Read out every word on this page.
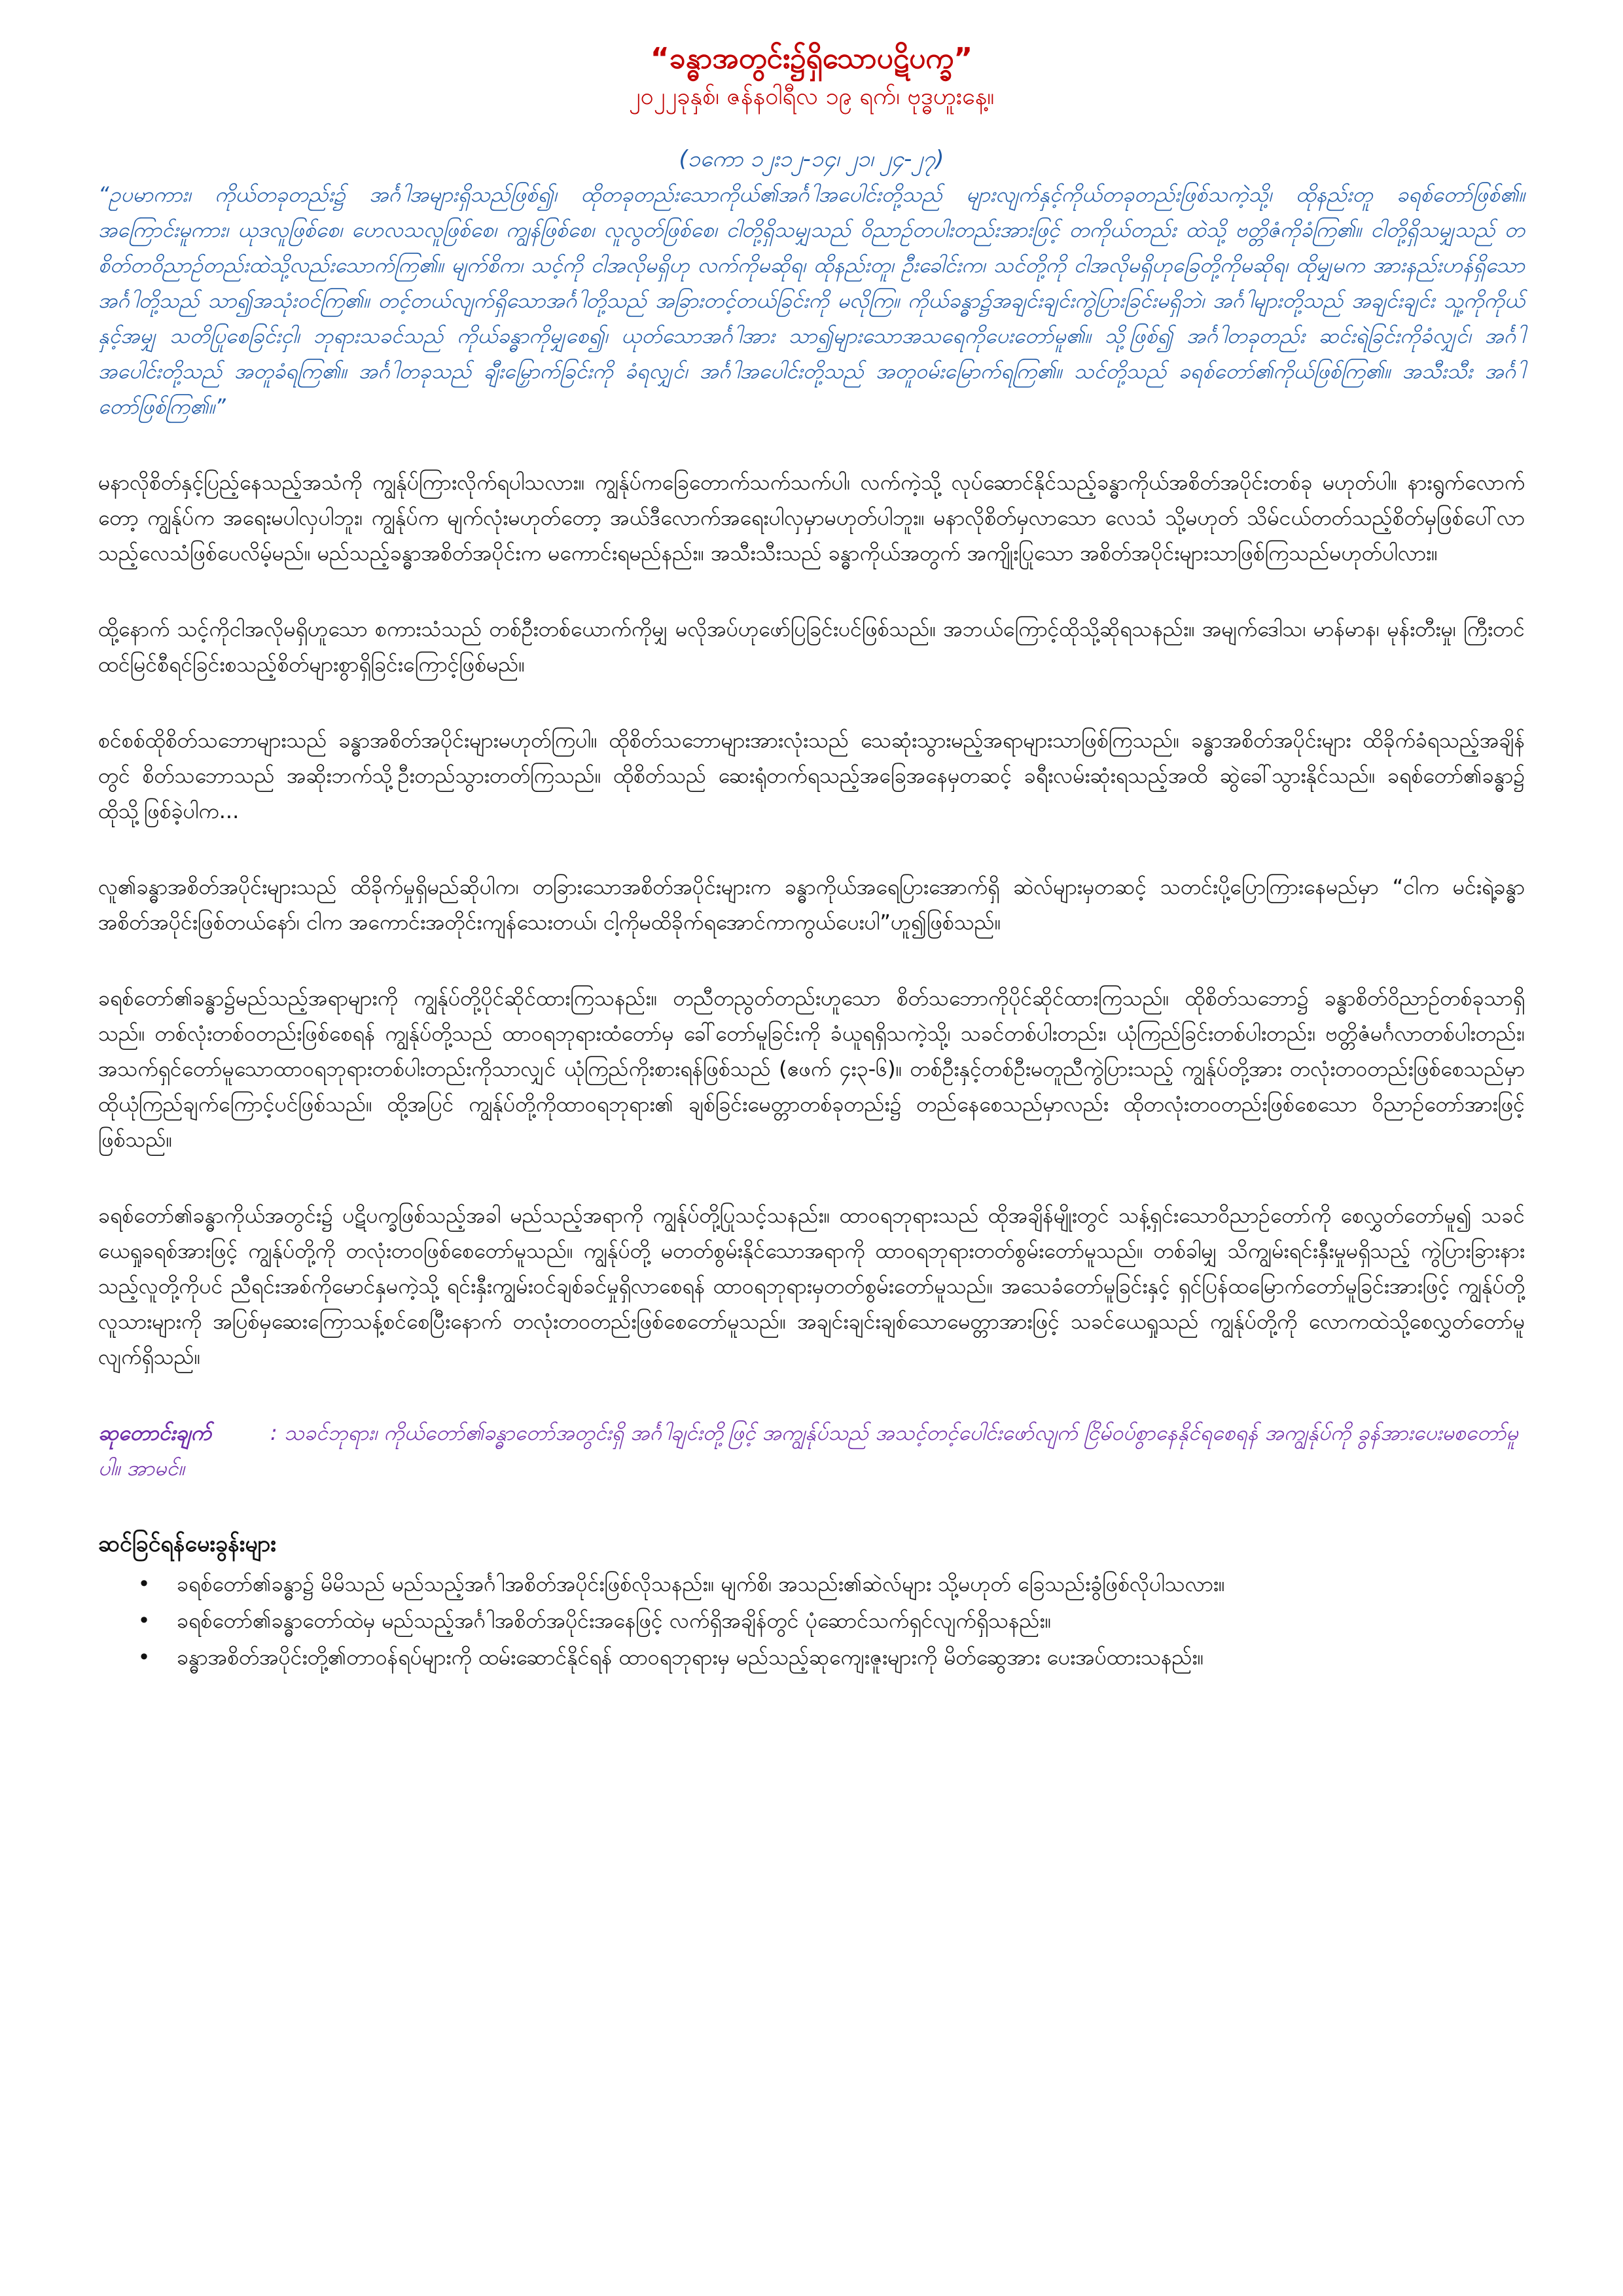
“ခန္ဓာအတွင်း၌ရှိသောပဋိပက္ခ”
၂၀၂၂ခုနှစ်၊ ဇန်နဝါရီလ ၁၉ ရက်၊ ဗုဒ္ဓဟူးနေ့။
(၁ကော ၁၂း၁၂-၁၄၊ ၂၁၊ ၂၄-၂၇)

“ဥပမာကား၊ ကိုယ်တခုတည်း၌ အင်္ဂါအများရှိသည်ဖြစ်၍၊ ထိုတခုတည်းသောကိုယ်၏အင်္ဂါအပေါင်းတို့သည် များလျက်နှင့်ကိုယ်တခုတည်းဖြစ်သကဲ့သို့၊ ထိုနည်းတူ ခရစ်တော်ဖြစ်၏။ အကြောင်းမူကား၊ ယုဒလူဖြစ်စေ၊ ဟေလသလူဖြစ်စေ၊ ကျွန်ဖြစ်စေ၊ လူလွတ်ဖြစ်စေ၊ ငါတို့ရှိသမျှသည် ဝိညာဉ်တပါးတည်းအားဖြင့် တကိုယ်တည်း ထဲသို့ ဗတ္တိဇံကိုခံကြ၏။ ငါတို့ရှိသမျှသည် တစိတ်တဝိညာဉ်တည်းထဲသို့လည်းသောက်ကြ၏။ မျက်စိက၊ သင့်ကို ငါအလိုမရှိဟု လက်ကိုမဆိုရ၊ ထိုနည်းတူ၊ ဦးခေါင်းက၊ သင်တို့ကို ငါအလိုမရှိဟုခြေတို့ကိုမဆိုရ၊ ထိုမျှမက အားနည်းဟန်ရှိသောအင်္ဂါတို့သည် သာ၍အသုံးဝင်ကြ၏။ တင့်တယ်လျက်ရှိသောအင်္ဂါတို့သည် အခြားတင့်တယ်ခြင်းကို မလိုကြ။ ကိုယ်ခန္ဓာ၌အချင်းချင်းကွဲပြားခြင်းမရှိဘဲ၊ အင်္ဂါများတို့သည် အချင်းချင်း သူ့ကိုကိုယ်နှင့်အမျှ သတိပြုစေခြင်းငှါ၊ ဘုရားသခင်သည် ကိုယ်ခန္ဓာကိုမျှစေ၍၊ ယုတ်သောအင်္ဂါအား သာ၍များသောအသရေကိုပေးတော်မူ၏။ သို့ဖြစ်၍ အင်္ဂါတခုတည်း ဆင်းရဲခြင်းကိုခံလျှင်၊ အင်္ဂါအပေါင်းတို့သည် အတူခံရကြ၏။ အင်္ဂါတခုသည် ချီးမြှောက်ခြင်းကို ခံရလျှင်၊ အင်္ဂါအပေါင်းတို့သည် အတူဝမ်းမြောက်ရကြ၏။ သင်တို့သည် ခရစ်တော်၏ကိုယ်ဖြစ်ကြ၏။ အသီးသီး အင်္ဂါတော်ဖြစ်ကြ၏။”

မနာလိုစိတ်နှင့်ပြည့်နေသည့်အသံကို ကျွန်ုပ်ကြားလိုက်ရပါသလား။ ကျွန်ုပ်ကခြေတောက်သက်သက်ပါ၊ လက်ကဲ့သို့ လုပ်ဆောင်နိုင်သည့်ခန္ဓာကိုယ်အစိတ်အပိုင်းတစ်ခု မဟုတ်ပါ။ နားရွက်လောက်တော့ ကျွန်ုပ်က အရေးမပါလှပါဘူး၊ ကျွန်ုပ်က မျက်လုံးမဟုတ်တော့ အယ်ဒီလောက်အရေးပါလှမှာမဟုတ်ပါဘူး။ မနာလိုစိတ်မှလာသော လေသံ သို့မဟုတ် သိမ်ငယ်တတ်သည့်စိတ်မှဖြစ်ပေါ်လာသည့်လေသံဖြစ်ပေလိမ့်မည်။ မည်သည့်ခန္ဓာအစိတ်အပိုင်းက မကောင်းရမည်နည်း။ အသီးသီးသည် ခန္ဓာကိုယ်အတွက် အကျိုးပြုသော အစိတ်အပိုင်းများသာဖြစ်ကြသည်မဟုတ်ပါလား။

ထို့နောက် သင့်ကိုငါအလိုမရှိဟူသော စကားသံသည် တစ်ဦးတစ်ယောက်ကိုမျှ မလိုအပ်ဟုဖော်ပြခြင်းပင်ဖြစ်သည်။ အဘယ်ကြောင့်ထိုသို့ဆိုရသနည်း။ အမျက်ဒေါသ၊ မာန်မာန၊ မုန်းတီးမှု၊ ကြီးတင်ထင်မြင်စီရင်ခြင်းစသည့်စိတ်များစွာရှိခြင်းကြောင့်ဖြစ်မည်။

စင်စစ်ထိုစိတ်သဘောများသည် ခန္ဓာအစိတ်အပိုင်းများမဟုတ်ကြပါ။ ထိုစိတ်သဘောများအားလုံးသည် သေဆုံးသွားမည့်အရာများသာဖြစ်ကြသည်။ ခန္ဓာအစိတ်အပိုင်းများ ထိခိုက်ခံရသည့်အချိန်တွင် စိတ်သဘောသည် အဆိုးဘက်သို့ဦးတည်သွားတတ်ကြသည်။ ထိုစိတ်သည် ဆေးရုံတက်ရသည့်အခြေအနေမှတဆင့် ခရီးလမ်းဆုံးရသည့်အထိ ဆွဲခေါ်သွားနိုင်သည်။ ခရစ်တော်၏ခန္ဓာ၌ ထိုသို့ဖြစ်ခဲ့ပါက...

လူ၏ခန္ဓာအစိတ်အပိုင်းများသည် ထိခိုက်မှုရှိမည်ဆိုပါက၊ တခြားသောအစိတ်အပိုင်းများက ခန္ဓာကိုယ်အရေပြားအောက်ရှိ ဆဲလ်များမှတဆင့် သတင်းပို့ပြောကြားနေမည်မှာ “ငါက မင်းရဲ့ခန္ဓာအစိတ်အပိုင်းဖြစ်တယ်နော်၊ ငါက အကောင်းအတိုင်းကျန်သေးတယ်၊ ငါ့ကိုမထိခိုက်ရအောင်ကာကွယ်ပေးပါ”ဟူ၍ဖြစ်သည်။

ခရစ်တော်၏ခန္ဓာ၌မည်သည့်အရာများကို ကျွန်ုပ်တို့ပိုင်ဆိုင်ထားကြသနည်း။ တညီတညွတ်တည်းဟူသော စိတ်သဘောကိုပိုင်ဆိုင်ထားကြသည်။ ထိုစိတ်သဘော၌ ခန္ဓာစိတ်ဝိညာဉ်တစ်ခုသာရှိသည်။ တစ်လုံးတစ်ဝတည်းဖြစ်စေရန် ကျွန်ုပ်တို့သည် ထာဝရဘုရားထံတော်မှ ခေါ်တော်မူခြင်းကို ခံယူရရှိသကဲ့သို့၊ သခင်တစ်ပါးတည်း၊ ယုံကြည်ခြင်းတစ်ပါးတည်း၊ ဗတ္တိဇံမင်္ဂလာတစ်ပါးတည်း၊ အသက်ရှင်တော်မူသောထာဝရဘုရားတစ်ပါးတည်းကိုသာလျှင် ယုံကြည်ကိုးစားရန်ဖြစ်သည် (ဧဖက် ၄း၃-၆)။ တစ်ဦးနှင့်တစ်ဦးမတူညီကွဲပြားသည့် ကျွန်ုပ်တို့အား တလုံးတဝတည်းဖြစ်စေသည်မှာ ထိုယုံကြည်ချက်ကြောင့်ပင်ဖြစ်သည်။ ထို့အပြင် ကျွန်ုပ်တို့ကိုထာဝရဘုရား၏ ချစ်ခြင်းမေတ္တာတစ်ခုတည်း၌ တည်နေစေသည်မှာလည်း ထိုတလုံးတဝတည်းဖြစ်စေသော ဝိညာဉ်တော်အားဖြင့်ဖြစ်သည်။

ခရစ်တော်၏ခန္ဓာကိုယ်အတွင်း၌ ပဋိပက္ခဖြစ်သည့်အခါ မည်သည့်အရာကို ကျွန်ုပ်တို့ပြုသင့်သနည်း။ ထာဝရဘုရားသည် ထိုအချိန်မျိုးတွင် သန့်ရှင်းသောဝိညာဉ်တော်ကို စေလွှတ်တော်မူ၍ သခင်ယေရှုခရစ်အားဖြင့် ကျွန်ုပ်တို့ကို တလုံးတဝဖြစ်စေတော်မူသည်။ ကျွန်ုပ်တို့ မတတ်စွမ်းနိုင်သောအရာကို ထာဝရဘုရားတတ်စွမ်းတော်မူသည်။ တစ်ခါမျှ သိကျွမ်းရင်းနှီးမှုမရှိသည့် ကွဲပြားခြားနားသည့်လူတို့ကိုပင် ညီရင်းအစ်ကိုမောင်နှမကဲ့သို့ ရင်းနှီးကျွမ်းဝင်ချစ်ခင်မှုရှိလာစေရန် ထာဝရဘုရားမှတတ်စွမ်းတော်မူသည်။ အသေခံတော်မူခြင်းနှင့် ရှင်ပြန်ထမြောက်တော်မူခြင်းအားဖြင့် ကျွန်ုပ်တို့လူသားများကို အပြစ်မှဆေးကြောသန့်စင်စေပြီးနောက် တလုံးတဝတည်းဖြစ်စေတော်မူသည်။ အချင်းချင်းချစ်သောမေတ္တာအားဖြင့် သခင်ယေရှုသည် ကျွန်ုပ်တို့ကို လောကထဲသို့စေလွှတ်တော်မူလျက်ရှိသည်။

ဆုတောင်းချက်	: သခင်ဘုရား၊ ကိုယ်တော်၏ခန္ဓာတော်အတွင်းရှိ အင်္ဂါချင်းတို့ဖြင့် အကျွန်ုပ်သည် အသင့်တင့်ပေါင်းဖော်လျက် ငြိမ်ဝပ်စွာနေနိုင်ရစေရန် အကျွန်ုပ်ကို ခွန်အားပေးမစတော်မူပါ။ အာမင်။

ဆင်ခြင်ရန်မေးခွန်းများ
•	ခရစ်တော်၏ခန္ဓာ၌ မိမိသည် မည်သည့်အင်္ဂါအစိတ်အပိုင်းဖြစ်လိုသနည်း။ မျက်စိ၊ အသည်း၏ဆဲလ်များ သို့မဟုတ် ခြေသည်းခွံဖြစ်လိုပါသလား။
•	ခရစ်တော်၏ခန္ဓာတော်ထဲမှ မည်သည့်အင်္ဂါအစိတ်အပိုင်းအနေဖြင့် လက်ရှိအချိန်တွင် ပုံဆောင်သက်ရှင်လျက်ရှိသနည်း။
•	ခန္ဓာအစိတ်အပိုင်းတို့၏တာဝန်ရပ်များကို ထမ်းဆောင်နိုင်ရန် ထာဝရဘုရားမှ မည်သည့်ဆုကျေးဇူးများကို မိတ်ဆွေအား ပေးအပ်ထားသနည်း။
